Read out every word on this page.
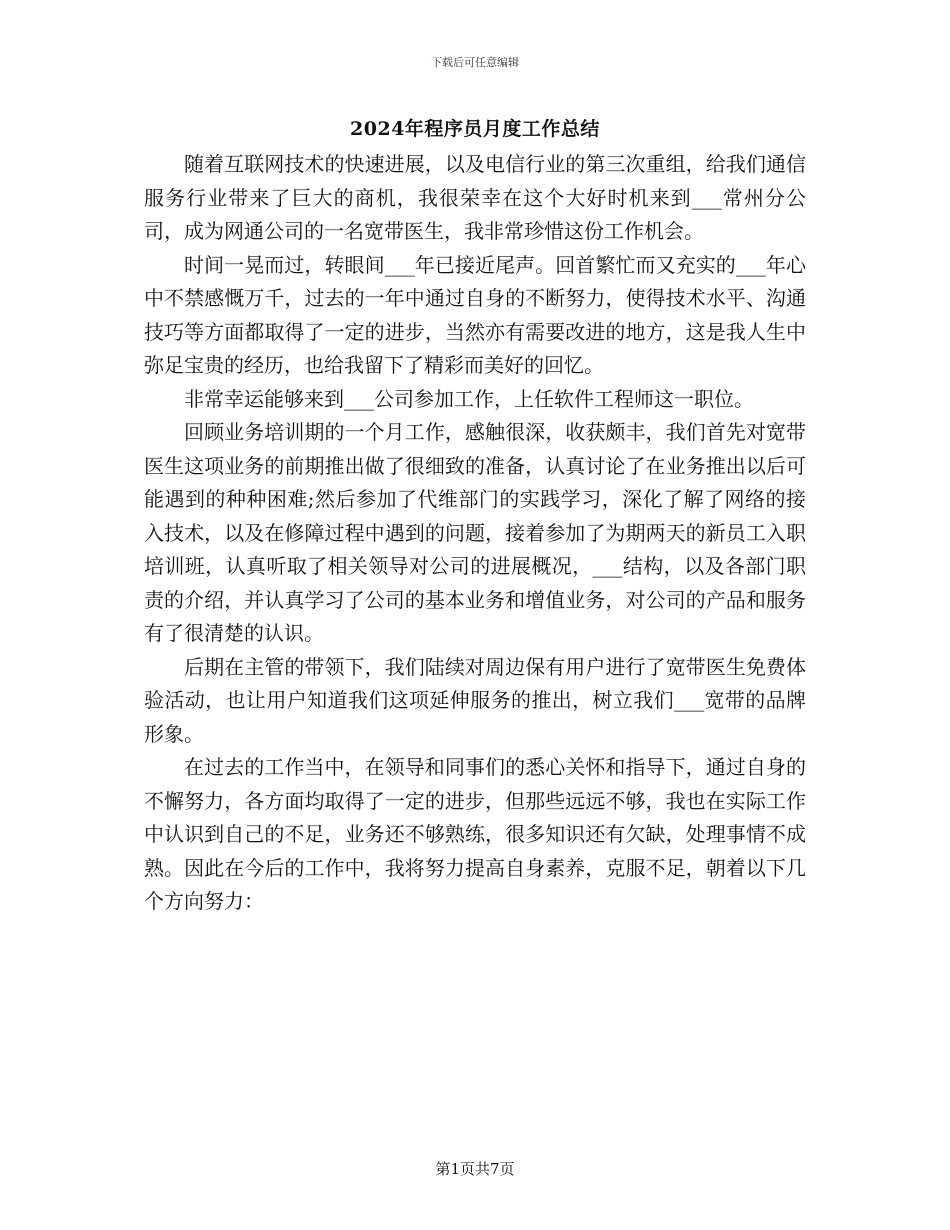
下载后可任意编辑
2024年程序员月度工作总结

随着互联网技术的快速进展，以及电信行业的第三次重组，给我们通信服务行业带来了巨大的商机，我很荣幸在这个大好时机来到___常州分公司，成为网通公司的一名宽带医生，我非常珍惜这份工作机会。

时间一晃而过，转眼间___年已接近尾声。回首繁忙而又充实的___年心中不禁感慨万千，过去的一年中通过自身的不断努力，使得技术水平、沟通技巧等方面都取得了一定的进步，当然亦有需要改进的地方，这是我人生中弥足宝贵的经历，也给我留下了精彩而美好的回忆。

非常幸运能够来到___公司参加工作，上任软件工程师这一职位。

回顾业务培训期的一个月工作，感触很深，收获颇丰，我们首先对宽带医生这项业务的前期推出做了很细致的准备，认真讨论了在业务推出以后可能遇到的种种困难;然后参加了代维部门的实践学习，深化了解了网络的接入技术，以及在修障过程中遇到的问题，接着参加了为期两天的新员工入职培训班，认真听取了相关领导对公司的进展概况，___结构，以及各部门职责的介绍，并认真学习了公司的基本业务和增值业务，对公司的产品和服务有了很清楚的认识。

后期在主管的带领下，我们陆续对周边保有用户进行了宽带医生免费体验活动，也让用户知道我们这项延伸服务的推出，树立我们___宽带的品牌形象。

在过去的工作当中，在领导和同事们的悉心关怀和指导下，通过自身的不懈努力，各方面均取得了一定的进步，但那些远远不够，我也在实际工作中认识到自己的不足，业务还不够熟练，很多知识还有欠缺，处理事情不成熟。因此在今后的工作中，我将努力提高自身素养，克服不足，朝着以下几个方向努力：

第1页共7页
